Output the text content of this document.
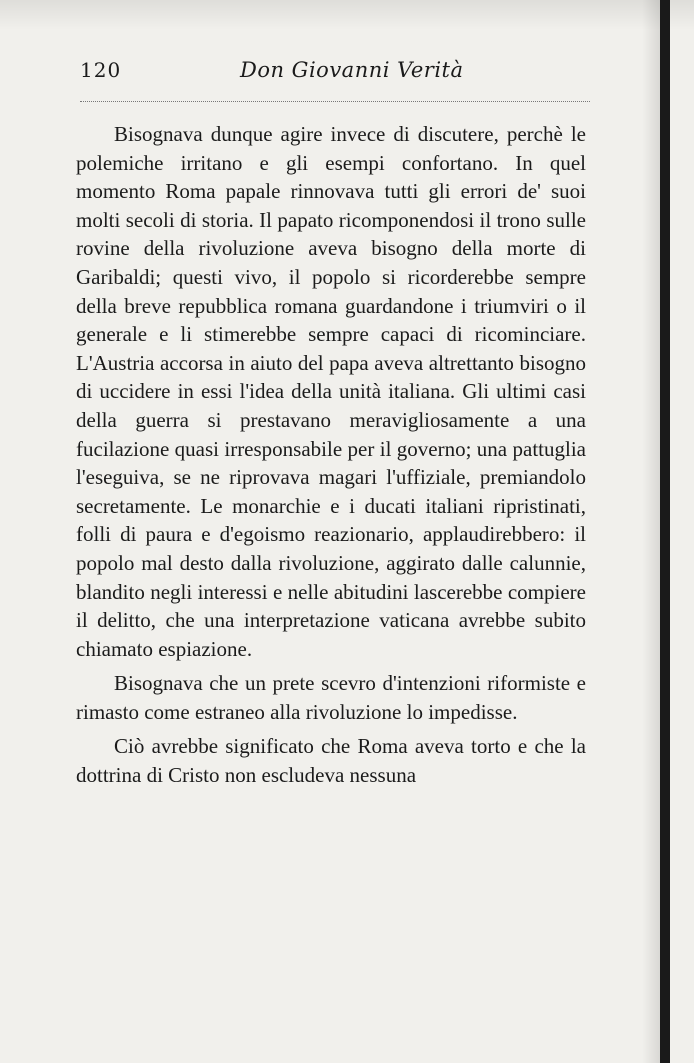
120	Don Giovanni Verità

Bisognava dunque agire invece di discutere, perchè le polemiche irritano e gli esempi confortano. In quel momento Roma papale rinnovava tutti gli errori de' suoi molti secoli di storia. Il papato ricomponendosi il trono sulle rovine della rivoluzione aveva bisogno della morte di Garibaldi; questi vivo, il popolo si ricorderebbe sempre della breve repubblica romana guardandone i triumviri o il generale e li stimerebbe sempre capaci di ricominciare. L'Austria accorsa in aiuto del papa aveva altrettanto bisogno di uccidere in essi l'idea della unità italiana. Gli ultimi casi della guerra si prestavano meravigliosamente a una fucilazione quasi irresponsabile per il governo; una pattuglia l'eseguiva, se ne riprovava magari l'uffiziale, premiandolo secretamente. Le monarchie e i ducati italiani ripristinati, folli di paura e d'egoismo reazionario, applaudirebbero: il popolo mal desto dalla rivoluzione, aggirato dalle calunnie, blandito negli interessi e nelle abitudini lascerebbe compiere il delitto, che una interpretazione vaticana avrebbe subito chiamato espiazione.

Bisognava che un prete scevro d'intenzioni riformiste e rimasto come estraneo alla rivoluzione lo impedisse.

Ciò avrebbe significato che Roma aveva torto e che la dottrina di Cristo non escludeva nessuna
